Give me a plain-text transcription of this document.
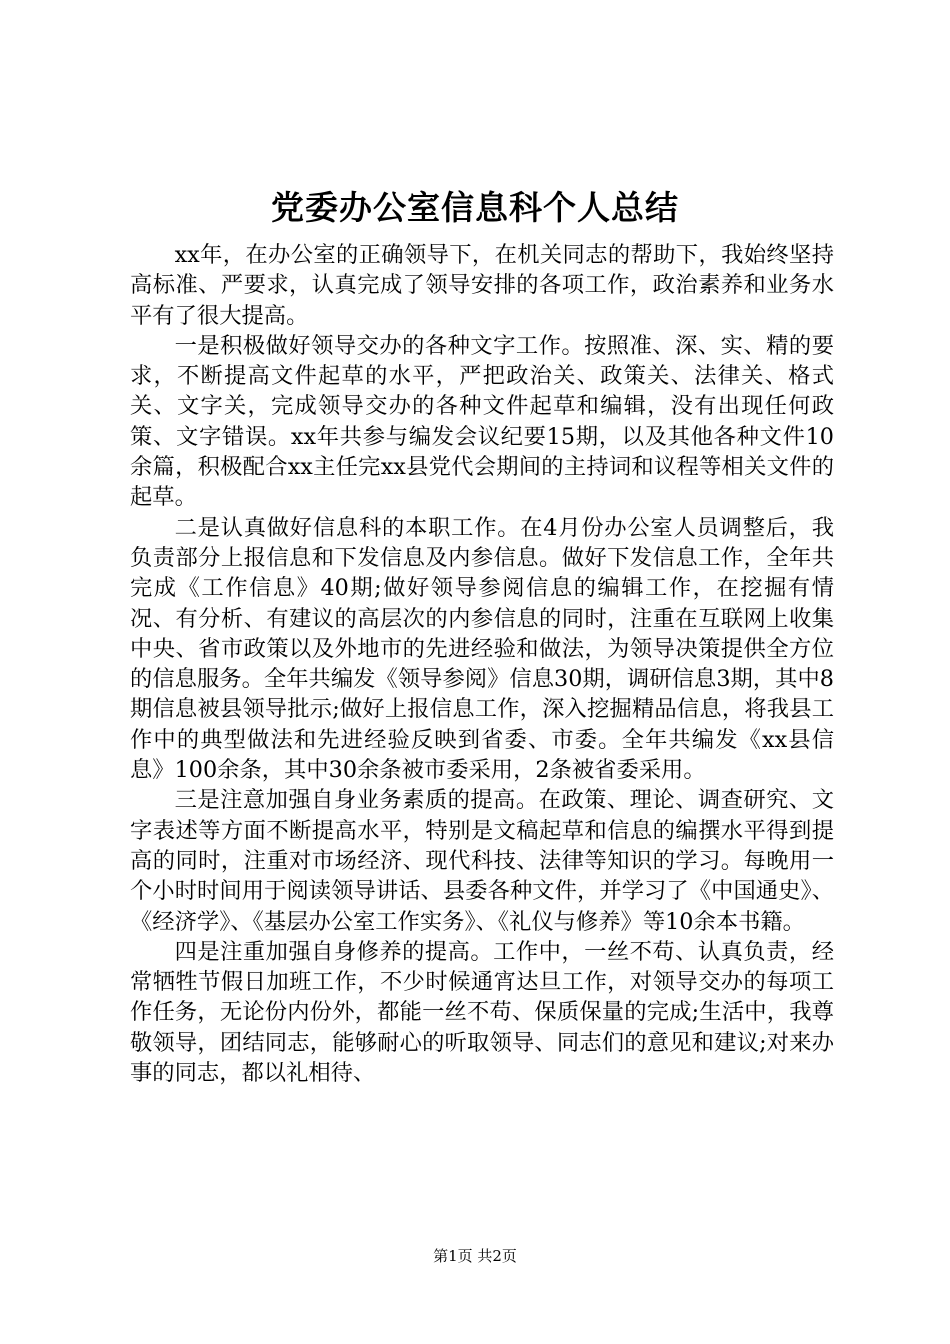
党委办公室信息科个人总结

xx年，在办公室的正确领导下，在机关同志的帮助下，我始终坚持高标准、严要求，认真完成了领导安排的各项工作，政治素养和业务水平有了很大提高。

一是积极做好领导交办的各种文字工作。按照准、深、实、精的要求，不断提高文件起草的水平，严把政治关、政策关、法律关、格式关、文字关，完成领导交办的各种文件起草和编辑，没有出现任何政策、文字错误。xx年共参与编发会议纪要15期，以及其他各种文件10余篇，积极配合xx主任完xx县党代会期间的主持词和议程等相关文件的起草。

二是认真做好信息科的本职工作。在4月份办公室人员调整后，我负责部分上报信息和下发信息及内参信息。做好下发信息工作，全年共完成《工作信息》40期;做好领导参阅信息的编辑工作，在挖掘有情况、有分析、有建议的高层次的内参信息的同时，注重在互联网上收集中央、省市政策以及外地市的先进经验和做法，为领导决策提供全方位的信息服务。全年共编发《领导参阅》信息30期，调研信息3期，其中8期信息被县领导批示;做好上报信息工作，深入挖掘精品信息，将我县工作中的典型做法和先进经验反映到省委、市委。全年共编发《xx县信息》100余条，其中30余条被市委采用，2条被省委采用。

三是注意加强自身业务素质的提高。在政策、理论、调查研究、文字表述等方面不断提高水平，特别是文稿起草和信息的编撰水平得到提高的同时，注重对市场经济、现代科技、法律等知识的学习。每晚用一个小时时间用于阅读领导讲话、县委各种文件，并学习了《中国通史》、《经济学》、《基层办公室工作实务》、《礼仪与修养》等10余本书籍。

四是注重加强自身修养的提高。工作中，一丝不苟、认真负责，经常牺牲节假日加班工作，不少时候通宵达旦工作，对领导交办的每项工作任务，无论份内份外，都能一丝不苟、保质保量的完成;生活中，我尊敬领导，团结同志，能够耐心的听取领导、同志们的意见和建议;对来办事的同志，都以礼相待、

第1页 共2页
